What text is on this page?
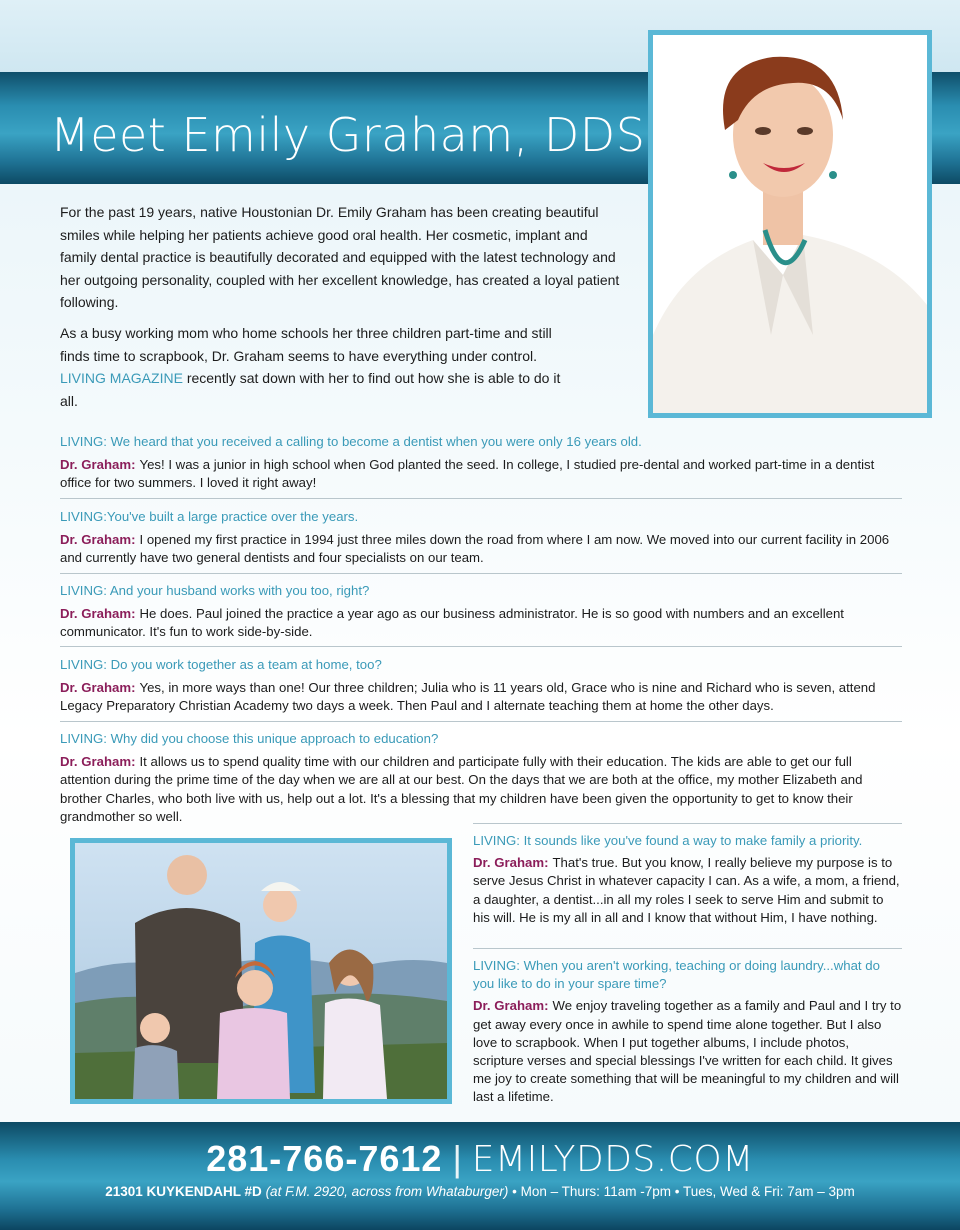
Meet Emily Graham, DDS

For the past 19 years, native Houstonian Dr. Emily Graham has been creating beautiful smiles while helping her patients achieve good oral health. Her cosmetic, implant and family dental practice is beautifully decorated and equipped with the latest technology and her outgoing personality, coupled with her excellent knowledge, has created a loyal patient following.

As a busy working mom who home schools her three children part-time and still finds time to scrapbook, Dr. Graham seems to have everything under control. LIVING MAGAZINE recently sat down with her to find out how she is able to do it all.

LIVING: We heard that you received a calling to become a dentist when you were only 16 years old.

Dr. Graham: Yes! I was a junior in high school when God planted the seed. In college, I studied pre-dental and worked part-time in a dentist office for two summers. I loved it right away!

LIVING:You've built a large practice over the years.

Dr. Graham: I opened my first practice in 1994 just three miles down the road from where I am now. We moved into our current facility in 2006 and currently have two general dentists and four specialists on our team.

LIVING: And your husband works with you too, right?

Dr. Graham: He does. Paul joined the practice a year ago as our business administrator. He is so good with numbers and an excellent communicator. It's fun to work side-by-side.

LIVING: Do you work together as a team at home, too?

Dr. Graham: Yes, in more ways than one! Our three children; Julia who is 11 years old, Grace who is nine and Richard who is seven, attend Legacy Preparatory Christian Academy two days a week. Then Paul and I alternate teaching them at home the other days.

LIVING: Why did you choose this unique approach to education?

Dr. Graham: It allows us to spend quality time with our children and participate fully with their education. The kids are able to get our full attention during the prime time of the day when we are all at our best. On the days that we are both at the office, my mother Elizabeth and brother Charles, who both live with us, help out a lot. It's a blessing that my children have been given the opportunity to get to know their grandmother so well.

LIVING: It sounds like you've found a way to make family a priority.

Dr. Graham: That's true. But you know, I really believe my purpose is to serve Jesus Christ in whatever capacity I can. As a wife, a mom, a friend, a daughter, a dentist...in all my roles I seek to serve Him and submit to his will. He is my all in all and I know that without Him, I have nothing.

LIVING: When you aren't working, teaching or doing laundry...what do you like to do in your spare time?

Dr. Graham: We enjoy traveling together as a family and Paul and I try to get away every once in awhile to spend time alone together. But I also love to scrapbook. When I put together albums, I include photos, scripture verses and special blessings I've written for each child. It gives me joy to create something that will be meaningful to my children and will last a lifetime.

281-766-7612 | EMILYDDS.COM
21301 KUYKENDAHL #D (at F.M. 2920, across from Whataburger) • Mon – Thurs: 11am -7pm • Tues, Wed & Fri: 7am – 3pm
